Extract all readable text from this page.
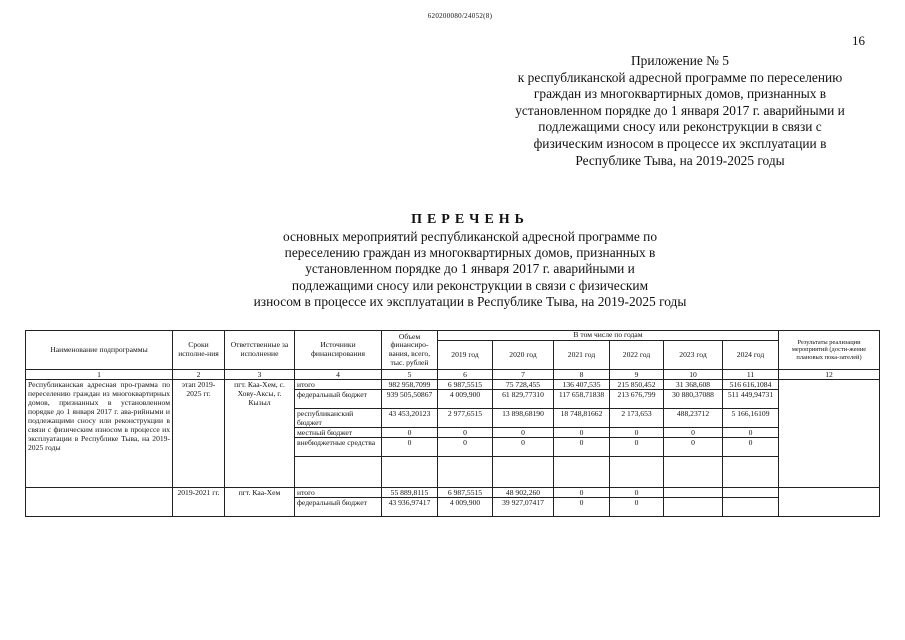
620200080/24052(8)
16
Приложение № 5
к республиканской адресной программе по переселению
граждан из многоквартирных домов, признанных в
установленном порядке до 1 января 2017 г. аварийными и
подлежащими сносу или реконструкции в связи с
физическим износом в процессе их эксплуатации в
Республике Тыва, на 2019-2025 годы
ПЕРЕЧЕНЬ
основных мероприятий республиканской адресной программе по
переселению граждан из многоквартирных домов, признанных в
установленном порядке до 1 января 2017 г. аварийными и
подлежащими сносу или реконструкции в связи с физическим
износом в процессе их эксплуатации в Республике Тыва, на 2019-2025 годы
Наименование подпрограммы	Сроки исполне-ния	Ответственные за исполнение	Источники финансирования	Объем финансиро-вания, всего, тыс. рублей	В том числе по годам						Результаты реализации мероприятий (дости-жение плановых пока-зателей)
					2019 год	2020 год	2021 год	2022 год	2023 год	2024 год	
1	2	3	4	5	6	7	8	9	10	11	12
Республиканская адресная про-грамма по переселению граждан из многоквартирных домов, признанных в установленном порядке до 1 января 2017 г. ава-рийными и подлежащими сносу или реконструкции в связи с физическим износом в процессе их эксплуатации в Республике Тыва, на 2019-2025 годы	этап 2019-2025 гг.	пгт. Каа-Хем, с. Хову-Аксы, г. Кызыл	итого	982 958,7099	6 987,5515	75 728,455	136 407,535	215 850,452	31 368,608	516 616,1084	
			федеральный бюджет	939 505,50867	4 009,900	61 829,77310	117 658,71838	213 676,799	30 880,37088	511 449,94731	
			республиканский бюджет	43 453,20123	2 977,6515	13 898,68190	18 748,81662	2 173,653	488,23712	5 166,16109	
			местный бюджет	0	0	0	0	0	0	0	
			внебюджетные средства	0	0	0	0	0	0	0	

	2019-2021 гг.	пгт. Каа-Хем	итого	55 889,8115	6 987,5515	48 902,260	0	0			
			федеральный бюджет	43 936,97417	4 009,900	39 927,07417	0	0			
